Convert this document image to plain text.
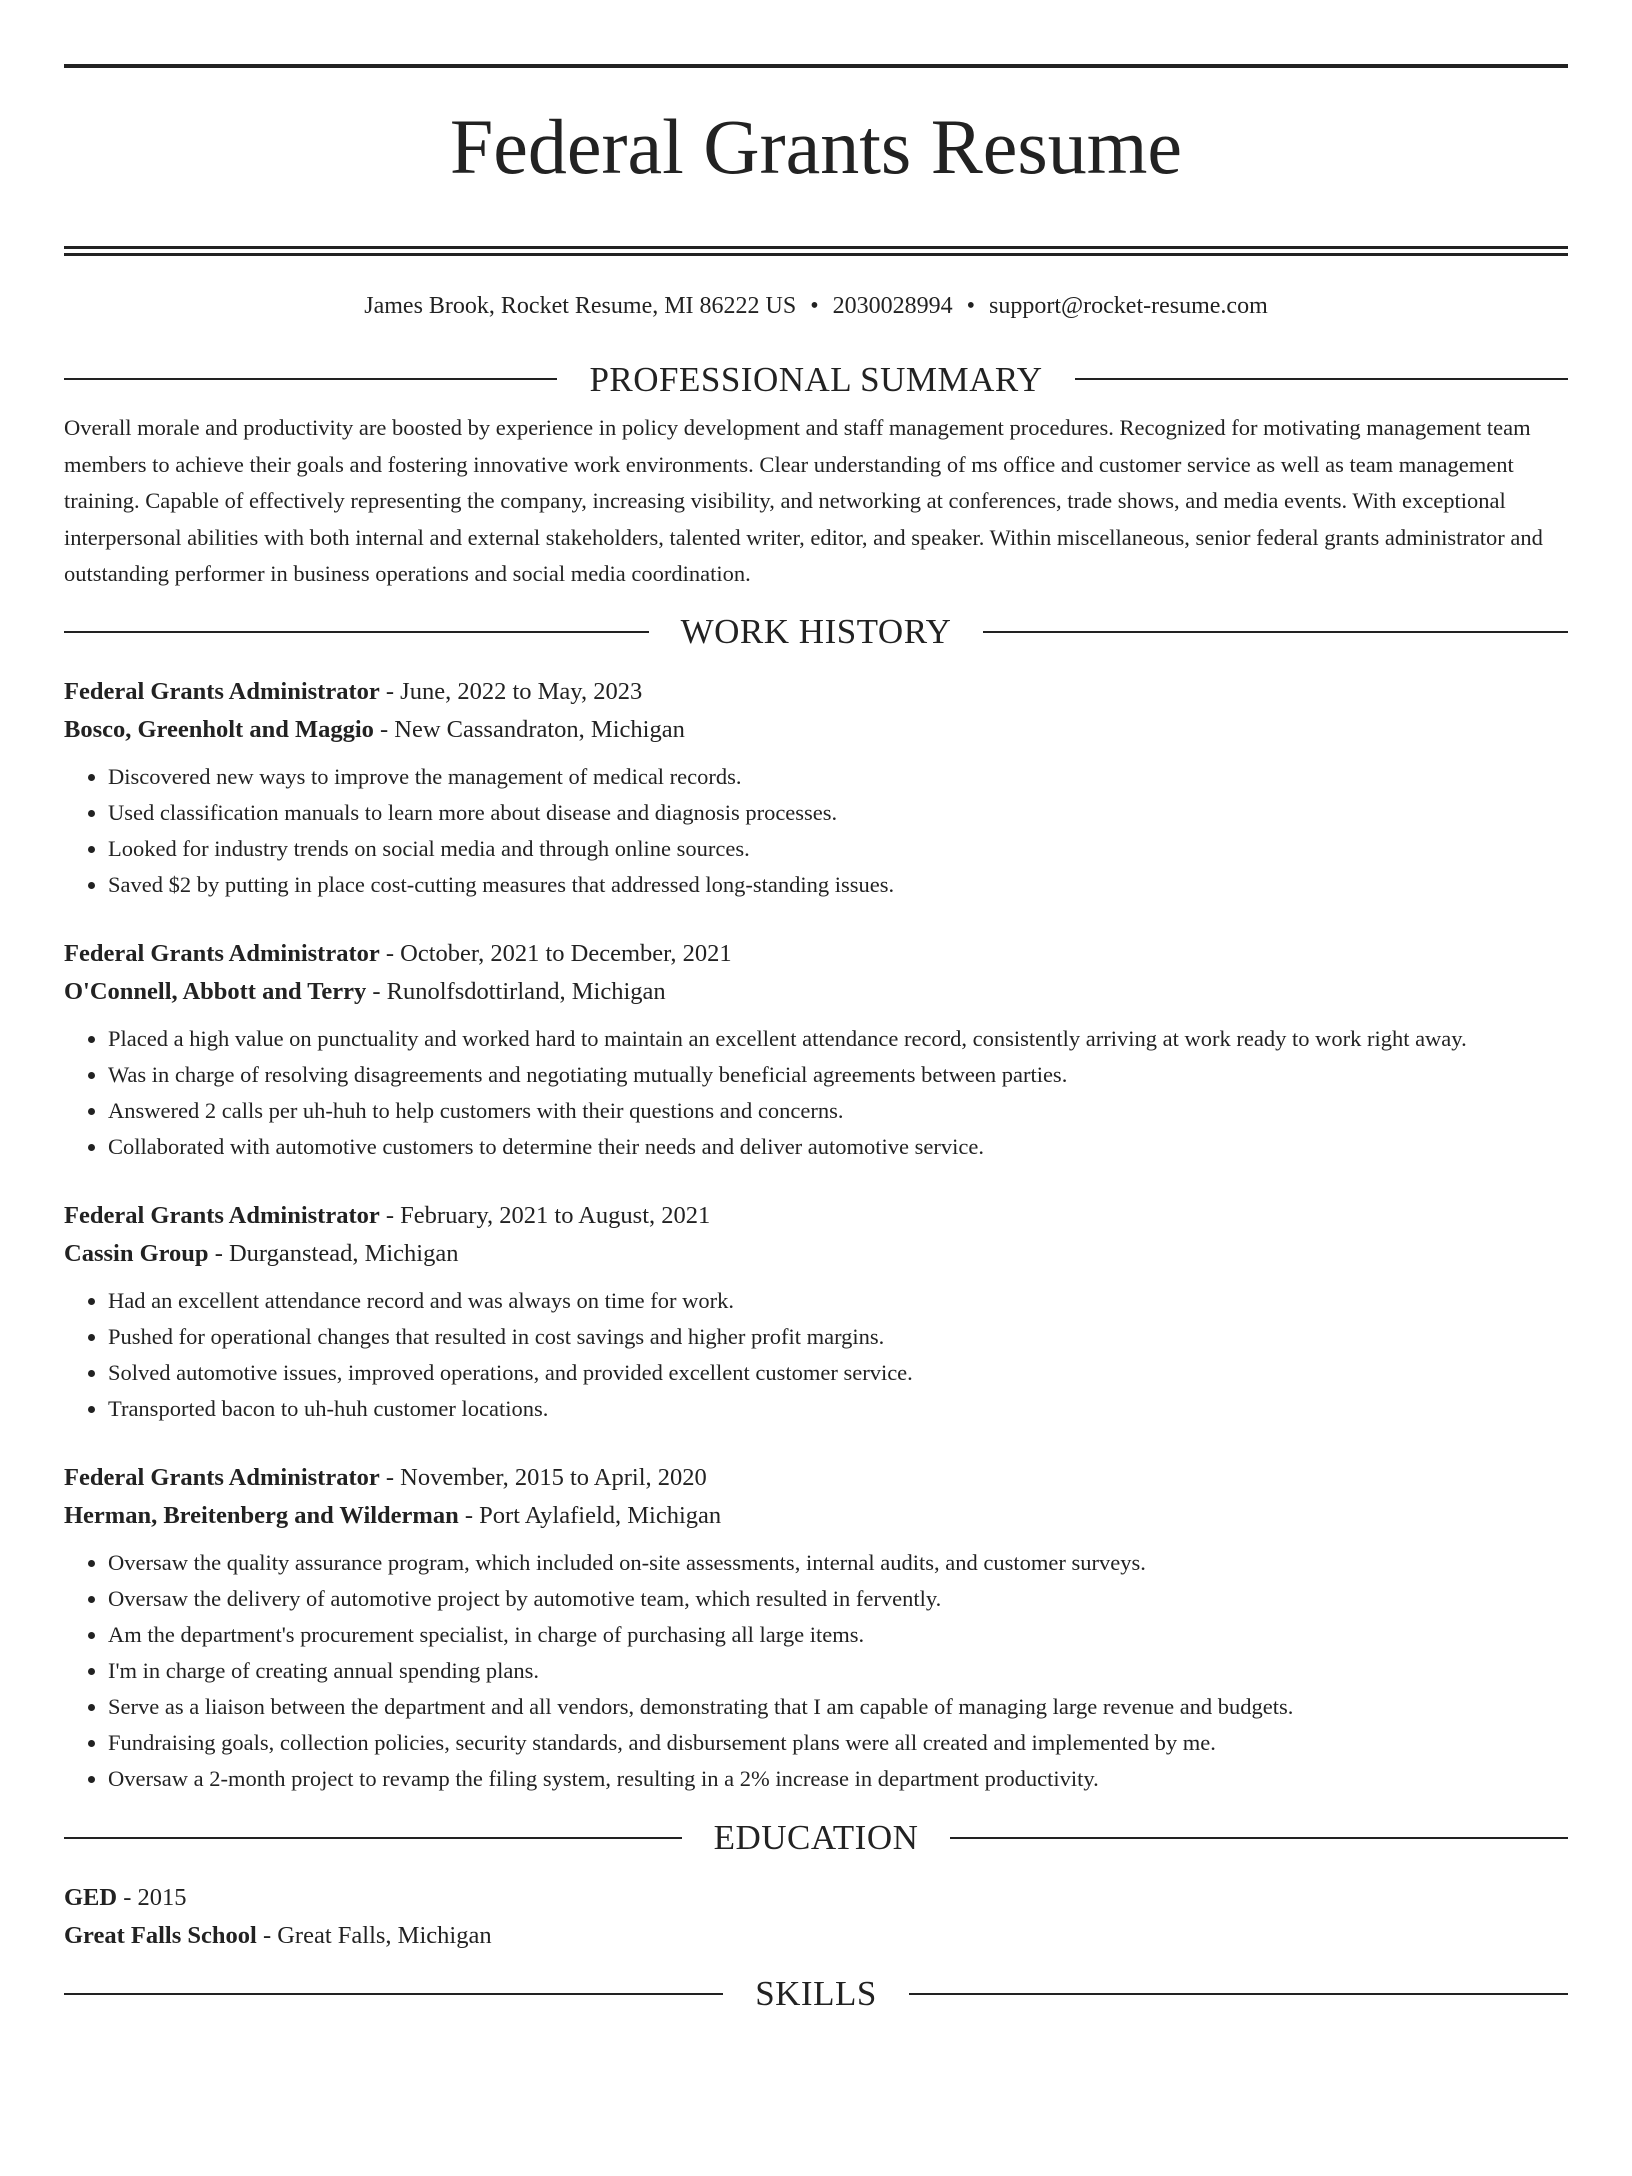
Federal Grants Resume
James Brook, Rocket Resume, MI 86222 US • 2030028994 • support@rocket-resume.com
PROFESSIONAL SUMMARY
Overall morale and productivity are boosted by experience in policy development and staff management procedures. Recognized for motivating management team members to achieve their goals and fostering innovative work environments. Clear understanding of ms office and customer service as well as team management training. Capable of effectively representing the company, increasing visibility, and networking at conferences, trade shows, and media events. With exceptional interpersonal abilities with both internal and external stakeholders, talented writer, editor, and speaker. Within miscellaneous, senior federal grants administrator and outstanding performer in business operations and social media coordination.
WORK HISTORY
Federal Grants Administrator - June, 2022 to May, 2023
Bosco, Greenholt and Maggio - New Cassandraton, Michigan
• Discovered new ways to improve the management of medical records.
• Used classification manuals to learn more about disease and diagnosis processes.
• Looked for industry trends on social media and through online sources.
• Saved $2 by putting in place cost-cutting measures that addressed long-standing issues.
Federal Grants Administrator - October, 2021 to December, 2021
O'Connell, Abbott and Terry - Runolfsdottirland, Michigan
• Placed a high value on punctuality and worked hard to maintain an excellent attendance record, consistently arriving at work ready to work right away.
• Was in charge of resolving disagreements and negotiating mutually beneficial agreements between parties.
• Answered 2 calls per uh-huh to help customers with their questions and concerns.
• Collaborated with automotive customers to determine their needs and deliver automotive service.
Federal Grants Administrator - February, 2021 to August, 2021
Cassin Group - Durganstead, Michigan
• Had an excellent attendance record and was always on time for work.
• Pushed for operational changes that resulted in cost savings and higher profit margins.
• Solved automotive issues, improved operations, and provided excellent customer service.
• Transported bacon to uh-huh customer locations.
Federal Grants Administrator - November, 2015 to April, 2020
Herman, Breitenberg and Wilderman - Port Aylafield, Michigan
• Oversaw the quality assurance program, which included on-site assessments, internal audits, and customer surveys.
• Oversaw the delivery of automotive project by automotive team, which resulted in fervently.
• Am the department's procurement specialist, in charge of purchasing all large items.
• I'm in charge of creating annual spending plans.
• Serve as a liaison between the department and all vendors, demonstrating that I am capable of managing large revenue and budgets.
• Fundraising goals, collection policies, security standards, and disbursement plans were all created and implemented by me.
• Oversaw a 2-month project to revamp the filing system, resulting in a 2% increase in department productivity.
EDUCATION
GED - 2015
Great Falls School - Great Falls, Michigan
SKILLS
